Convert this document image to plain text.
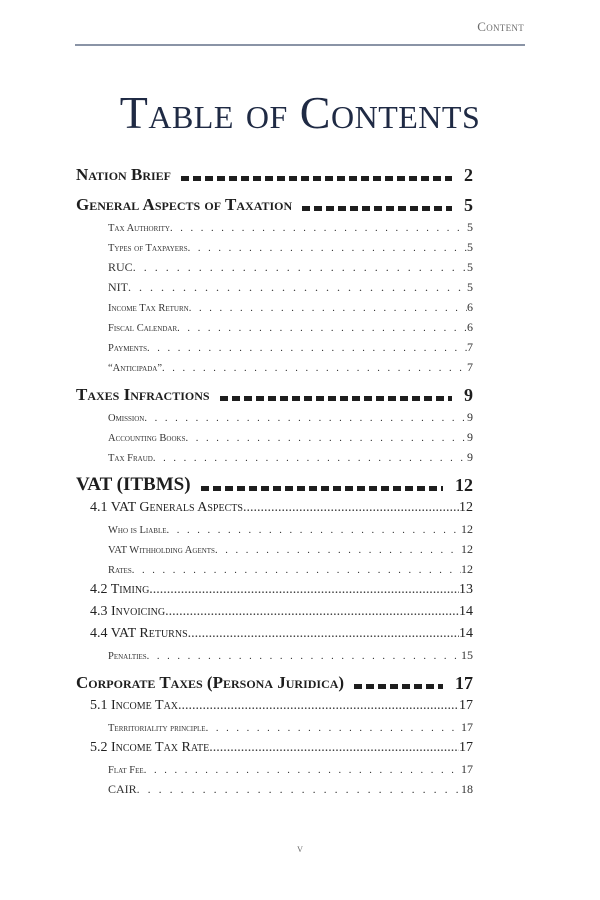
Content
Table of Contents
Nation Brief	2
General Aspects of Taxation	5
Tax Authority . . .	5
Types of Taxpayers . . .	5
RUC . . .	5
NIT . . .	5
Income Tax Return . . .	6
Fiscal Calendar . . .	6
Payments . . .	7
“Anticipada” . . .	7
Taxes Infractions	9
Omission . . .	9
Accounting Books . . .	9
Tax Fraud . . .	9
VAT (ITBMS)	12
4.1 VAT Generals Aspects .....	12
Who is Liable . . .	12
VAT Withholding Agents . . .	12
Rates . . .	12
4.2 Timing .....	13
4.3 Invoicing .....	14
4.4 VAT Returns .....	14
Penalties . . .	15
Corporate Taxes (Persona Juridica)	17
5.1 Income Tax .....	17
Territoriality principle . . .	17
5.2 Income Tax Rate .....	17
Flat Fee . . .	17
CAIR . . .	18
v
